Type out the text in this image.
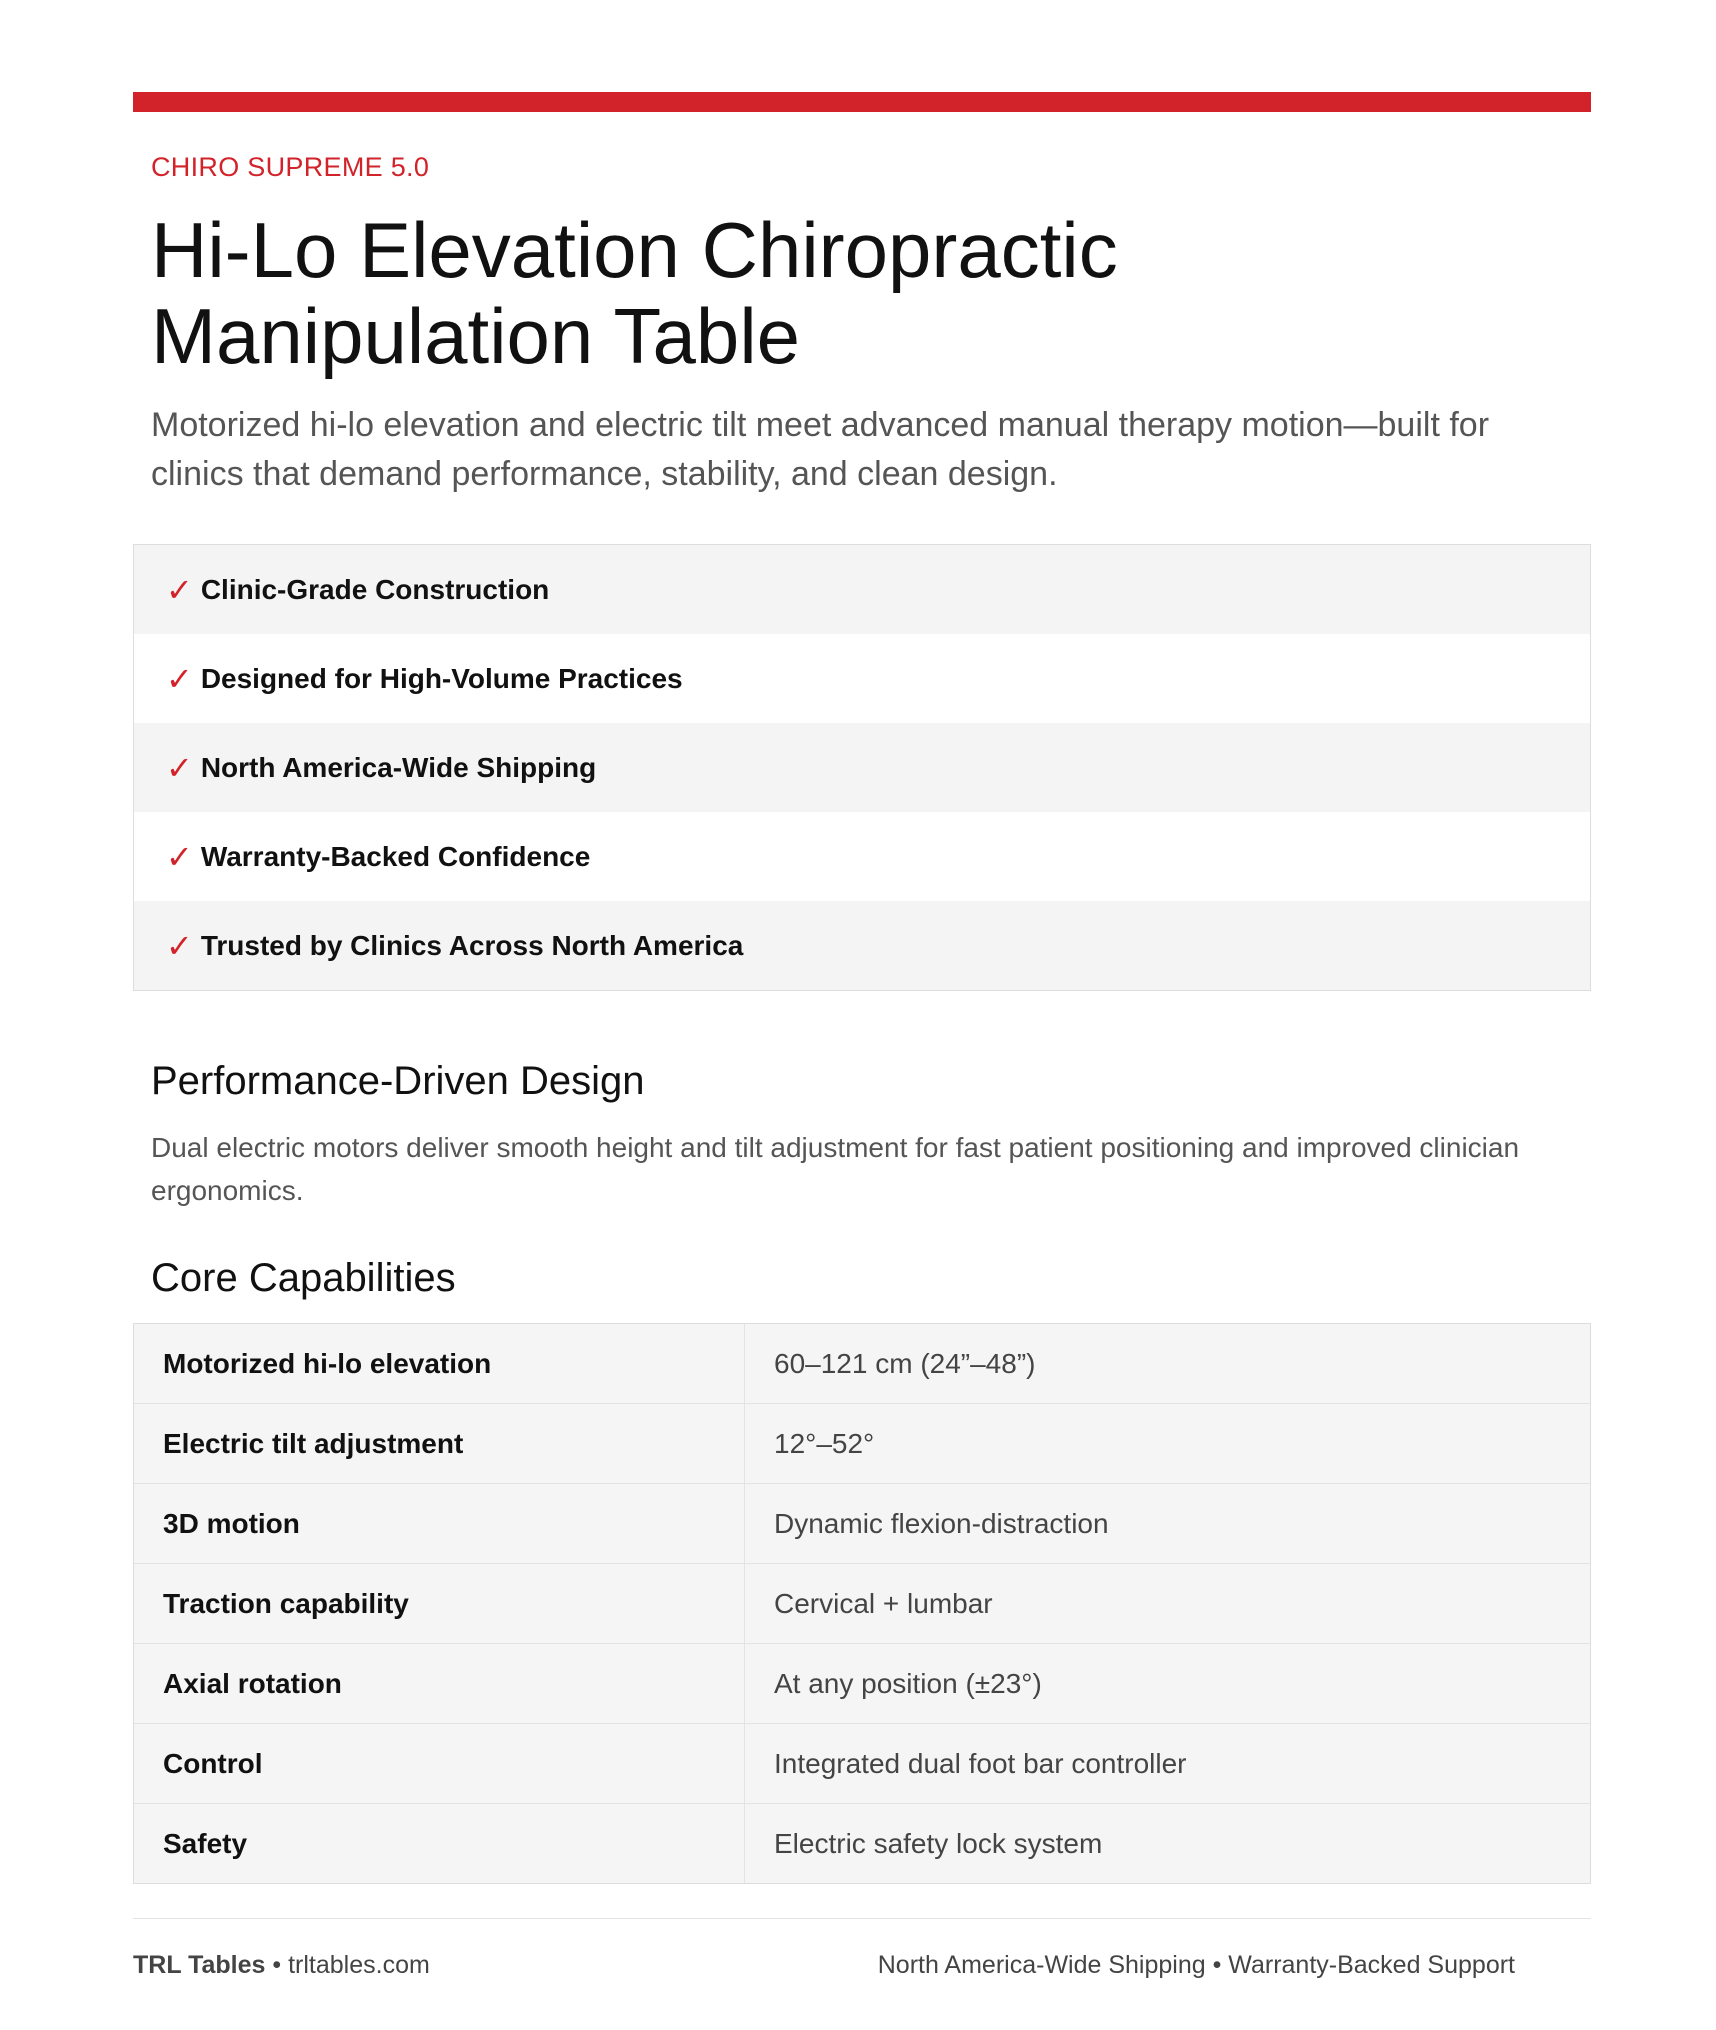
CHIRO SUPREME 5.0
Hi-Lo Elevation Chiropractic Manipulation Table
Motorized hi-lo elevation and electric tilt meet advanced manual therapy motion—built for clinics that demand performance, stability, and clean design.
✓ Clinic-Grade Construction
✓ Designed for High-Volume Practices
✓ North America-Wide Shipping
✓ Warranty-Backed Confidence
✓ Trusted by Clinics Across North America
Performance-Driven Design
Dual electric motors deliver smooth height and tilt adjustment for fast patient positioning and improved clinician ergonomics.
Core Capabilities
Motorized hi-lo elevation	60–121 cm (24”–48”)
Electric tilt adjustment	12°–52°
3D motion	Dynamic flexion-distraction
Traction capability	Cervical + lumbar
Axial rotation	At any position (±23°)
Control	Integrated dual foot bar controller
Safety	Electric safety lock system
TRL Tables • trltables.com	North America-Wide Shipping • Warranty-Backed Support
